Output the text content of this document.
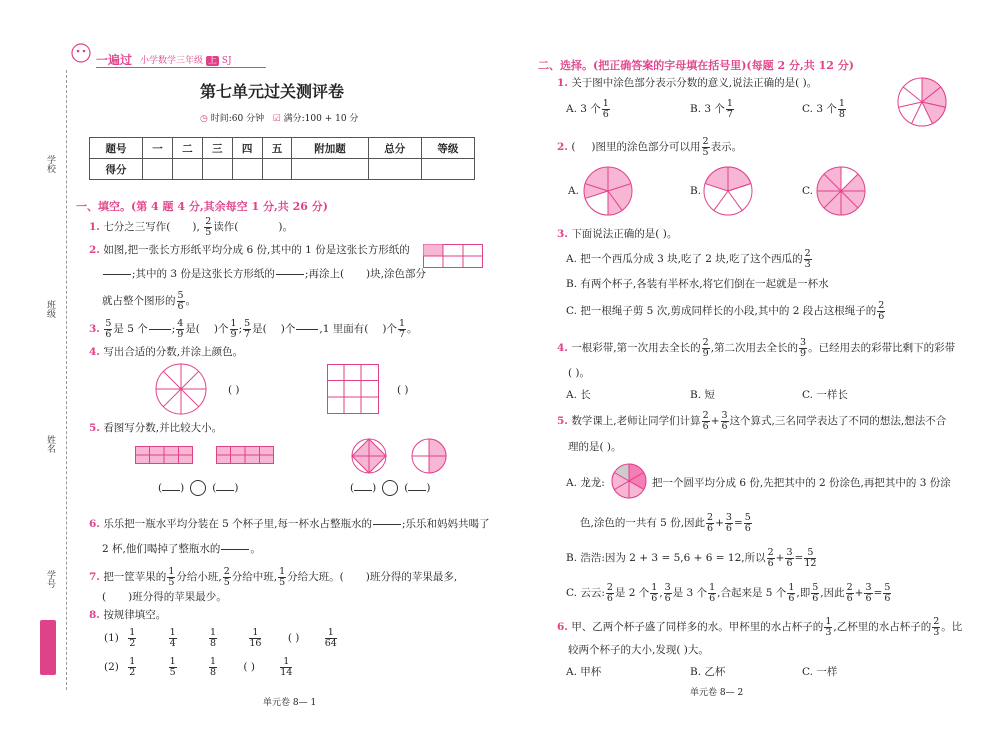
一遍过 小学数学三年级 上 SJ
第七单元过关测评卷
◷ 时间:60 分钟 ☑ 满分:100 + 10 分
题号	一	二	三	四	五	附加题	总分	等级
得分								
学校
班级
姓名
学号
一、填空。(第 4 题 4 分,其余每空 1 分,共 26 分)
1. 七分之三写作( ), $\frac{2}{5}$ 读作(	)。
2. 如图,把一张长方形纸平均分成 6 份,其中的 1 份是这张长方形纸的

;其中的 3 份是这张长方形纸的

	;再涂上( )块,涂色部分
就占整个图形的 $\frac{5}{6}$ 。
3. $\frac{5}{6}$ 是 5 个

; $\frac{4}{9}$ 是( )个 $\frac{1}{9}$ ; $\frac{5}{7}$ 是( )个

,1 里面有( )个 $\frac{1}{7}$ 。
4. 写出合适的分数,并涂上颜色。
( )	( )
5. 看图写分数,并比较大小。
( )	( )	( )	( )
6. 乐乐把一瓶水平均分装在 5 个杯子里,每一杯水占整瓶水的

	;乐乐和妈妈共喝了
2 杯,他们喝掉了整瓶水的

	。
7. 把一筐苹果的 $\frac{1}{5}$ 分给小班, $\frac{2}{5}$ 分给中班, $\frac{1}{5}$ 分给大班。( )班分得的苹果最多,
( )班分得的苹果最少。
8. 按规律填空。
$(1) \frac{1}{2}$
	$\frac{1}{4}$
	$\frac{1}{8}$
	$\frac{1}{16}$	( )	$\frac{1}{64}$
$(2) \frac{1}{2}$
	$\frac{1}{5}$
	$\frac{1}{8}$	( )	$\frac{1}{14}$
单元卷 8— 1
二、选择。(把正确答案的字母填在括号里)(每题 2 分,共 12 分)
1. 关于图中涂色部分表示分数的意义,说法正确的是( )。
A. 3 个 $\frac{1}{6}$	B. 3 个 $\frac{1}{7}$	C. 3 个 $\frac{1}{8}$
2. ( )图里的涂色部分可以用 $\frac{2}{5}$ 表示。
A.	B.	C.
3. 下面说法正确的是( )。
A. 把一个西瓜分成 3 块,吃了 2 块,吃了这个西瓜的 $\frac{2}{3}$
B. 有两个杯子,各装有半杯水,将它们倒在一起就是一杯水
C. 把一根绳子剪 5 次,剪成同样长的小段,其中的 2 段占这根绳子的 $\frac{2}{6}$
4. 一根彩带,第一次用去全长的 $\frac{2}{9}$ ,第二次用去全长的 $\frac{3}{9}$ 。已经用去的彩带比剩下的彩带
( )。
A. 长	B. 短	C. 一样长
5. 数学课上,老师让同学们计算 $\frac{2}{6} + \frac{3}{6}$ 这个算式,三名同学表达了不同的想法,想法不合
理的是( )。
A. 龙龙:	把一个圆平均分成 6 份,先把其中的 2 份涂色,再把其中的 3 份涂
色,涂色的一共有 5 份,因此 $\frac{2}{6} + \frac{3}{6} = \frac{5}{6}$
B. 浩浩:因为 2 + 3 = 5,6 + 6 = 12,所以 $\frac{2}{6} + \frac{3}{6} = \frac{5}{12}$
C. 云云: $\frac{2}{6}$ 是 2 个 $\frac{1}{6}$ , $\frac{3}{6}$ 是 3 个 $\frac{1}{6}$ ,合起来是 5 个 $\frac{1}{6}$ ,即 $\frac{5}{6}$ ,因此 $\frac{2}{6} + \frac{3}{6} = \frac{5}{6}$
6. 甲、乙两个杯子盛了同样多的水。甲杯里的水占杯子的 $\frac{1}{3}$ ,乙杯里的水占杯子的 $\frac{2}{3}$ 。比
较两个杯子的大小,发现( )大。
A. 甲杯	B. 乙杯	C. 一样
单元卷 8— 2
